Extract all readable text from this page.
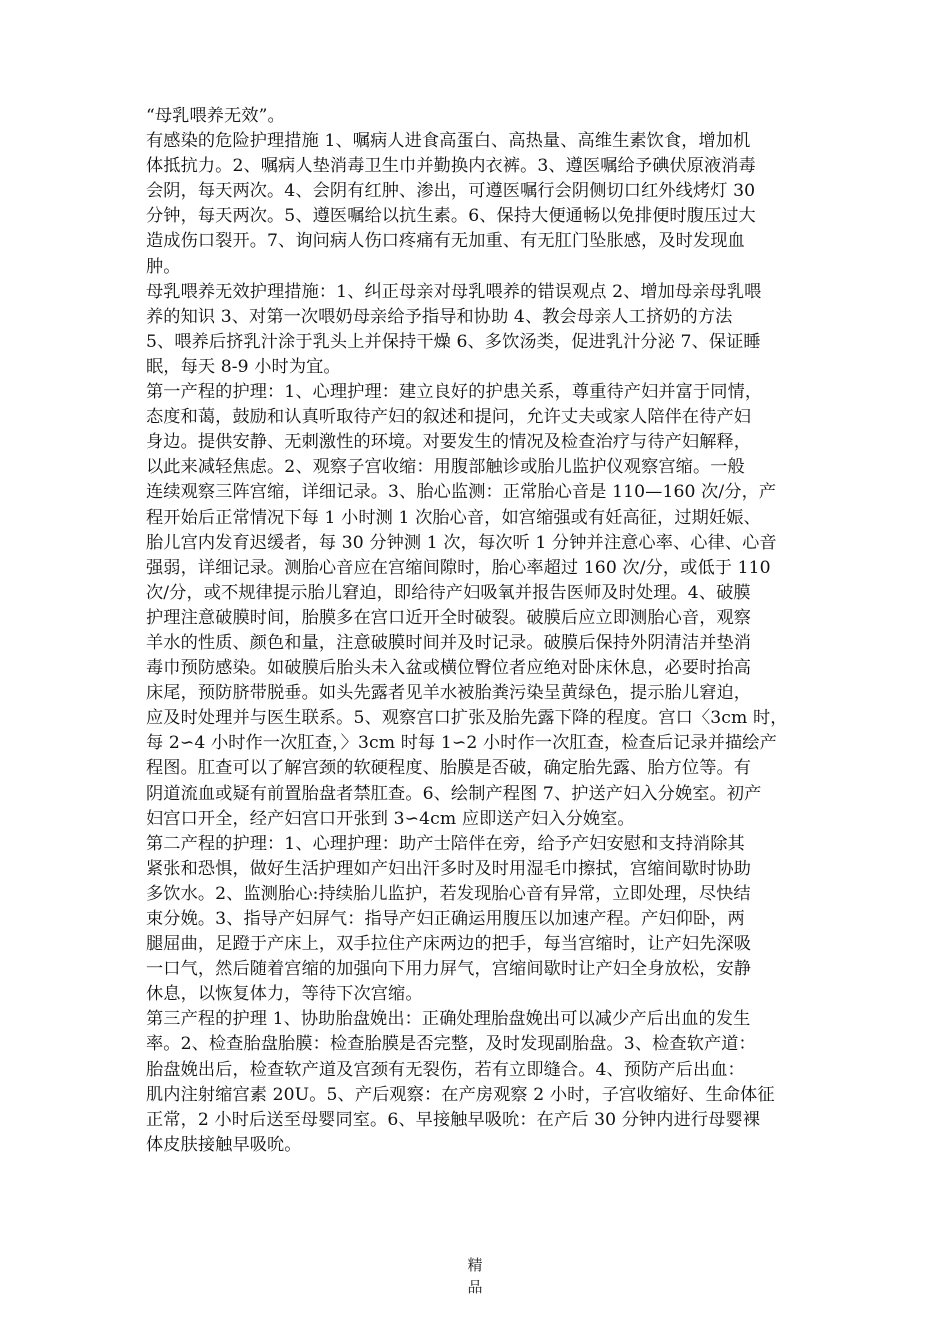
“母乳喂养无效”。
有感染的危险护理措施 1、嘱病人进食高蛋白、高热量、高维生素饮食，增加机
体抵抗力。2、嘱病人垫消毒卫生巾并勤换内衣裤。3、遵医嘱给予碘伏原液消毒
会阴，每天两次。4、会阴有红肿、渗出，可遵医嘱行会阴侧切口红外线烤灯 30
分钟，每天两次。5、遵医嘱给以抗生素。6、保持大便通畅以免排便时腹压过大
造成伤口裂开。7、询问病人伤口疼痛有无加重、有无肛门坠胀感，及时发现血
肿。
母乳喂养无效护理措施：1、纠正母亲对母乳喂养的错误观点 2、增加母亲母乳喂
养的知识 3、对第一次喂奶母亲给予指导和协助 4、教会母亲人工挤奶的方法
5、喂养后挤乳汁涂于乳头上并保持干燥 6、多饮汤类，促进乳汁分泌 7、保证睡
眠，每天 8-9 小时为宜。
第一产程的护理：1、心理护理：建立良好的护患关系，尊重待产妇并富于同情，
态度和蔼，鼓励和认真听取待产妇的叙述和提问，允许丈夫或家人陪伴在待产妇
身边。提供安静、无刺激性的环境。对要发生的情况及检查治疗与待产妇解释，
以此来减轻焦虑。2、观察子宫收缩：用腹部触诊或胎儿监护仪观察宫缩。一般
连续观察三阵宫缩，详细记录。3、胎心监测：正常胎心音是 110—160 次/分，产
程开始后正常情况下每 1 小时测 1 次胎心音，如宫缩强或有妊高征，过期妊娠、
胎儿宫内发育迟缓者，每 30 分钟测 1 次，每次听 1 分钟并注意心率、心律、心音
强弱，详细记录。测胎心音应在宫缩间隙时，胎心率超过 160 次/分，或低于 110
次/分，或不规律提示胎儿窘迫，即给待产妇吸氧并报告医师及时处理。4、破膜
护理注意破膜时间，胎膜多在宫口近开全时破裂。破膜后应立即测胎心音，观察
羊水的性质、颜色和量，注意破膜时间并及时记录。破膜后保持外阴清洁并垫消
毒巾预防感染。如破膜后胎头未入盆或横位臀位者应绝对卧床休息，必要时抬高
床尾，预防脐带脱垂。如头先露者见羊水被胎粪污染呈黄绿色，提示胎儿窘迫，
应及时处理并与医生联系。5、观察宫口扩张及胎先露下降的程度。宫口〈3cm 时，
每 2∽4 小时作一次肛查，〉3cm 时每 1∽2 小时作一次肛查，检查后记录并描绘产
程图。肛查可以了解宫颈的软硬程度、胎膜是否破，确定胎先露、胎方位等。有
阴道流血或疑有前置胎盘者禁肛查。6、绘制产程图 7、护送产妇入分娩室。初产
妇宫口开全，经产妇宫口开张到 3∽4cm 应即送产妇入分娩室。
第二产程的护理：1、心理护理：助产士陪伴在旁，给予产妇安慰和支持消除其
紧张和恐惧，做好生活护理如产妇出汗多时及时用湿毛巾擦拭，宫缩间歇时协助
多饮水。2、监测胎心:持续胎儿监护，若发现胎心音有异常，立即处理，尽快结
束分娩。3、指导产妇屏气：指导产妇正确运用腹压以加速产程。产妇仰卧，两
腿屈曲，足蹬于产床上，双手拉住产床两边的把手，每当宫缩时，让产妇先深吸
一口气，然后随着宫缩的加强向下用力屏气，宫缩间歇时让产妇全身放松，安静
休息，以恢复体力，等待下次宫缩。
第三产程的护理 1、协助胎盘娩出：正确处理胎盘娩出可以减少产后出血的发生
率。2、检查胎盘胎膜：检查胎膜是否完整，及时发现副胎盘。3、检查软产道：
胎盘娩出后，检查软产道及宫颈有无裂伤，若有立即缝合。4、预防产后出血：
肌内注射缩宫素 20U。5、产后观察：在产房观察 2 小时，子宫收缩好、生命体征
正常，2 小时后送至母婴同室。6、早接触早吸吮：在产后 30 分钟内进行母婴裸
体皮肤接触早吸吮。
精
品
